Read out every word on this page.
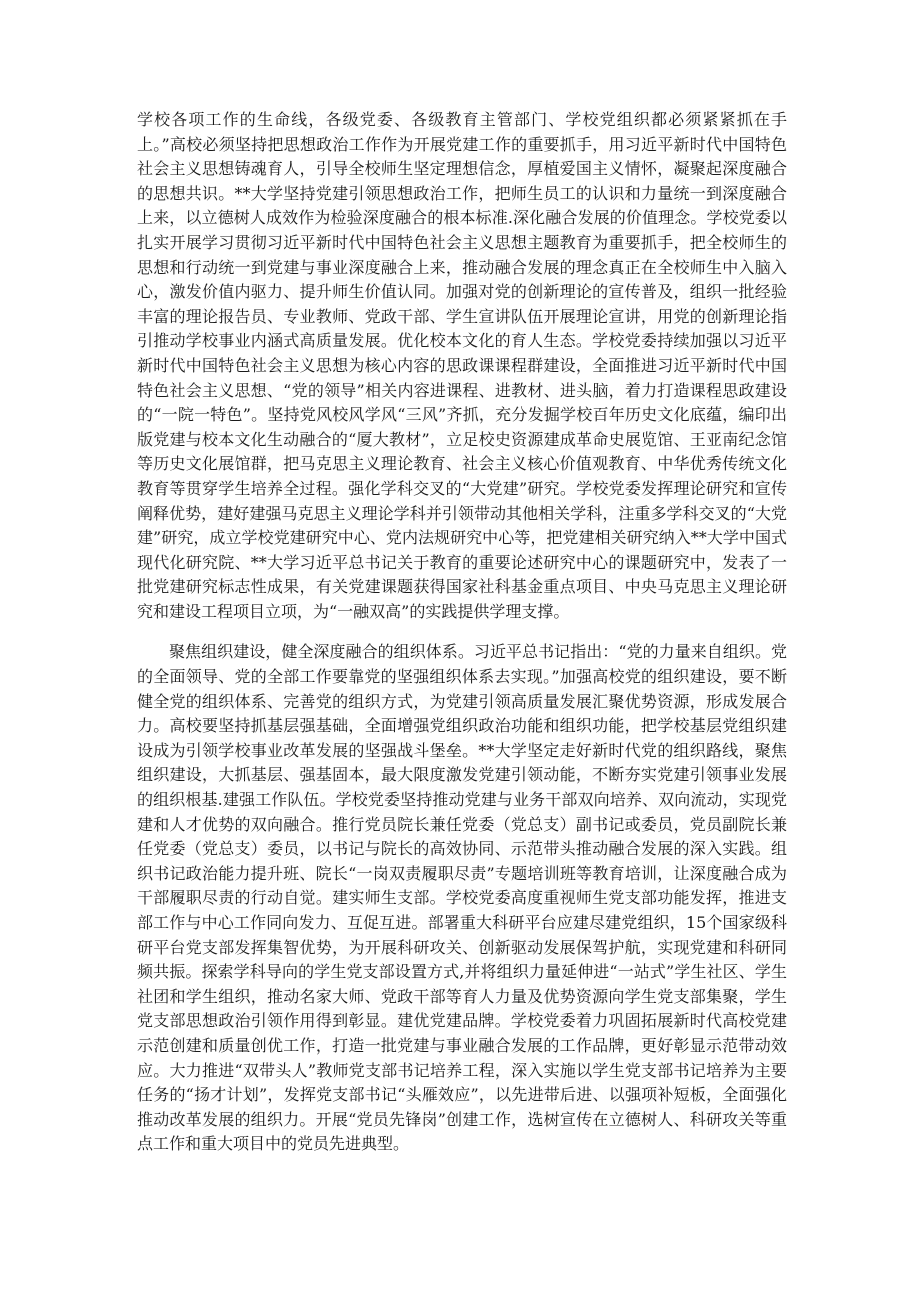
学校各项工作的生命线，各级党委、各级教育主管部门、学校党组织都必须紧紧抓在手上。”高校必须坚持把思想政治工作作为开展党建工作的重要抓手，用习近平新时代中国特色社会主义思想铸魂育人，引导全校师生坚定理想信念，厚植爱国主义情怀，凝聚起深度融合的思想共识。**大学坚持党建引领思想政治工作，把师生员工的认识和力量统一到深度融合上来，以立德树人成效作为检验深度融合的根本标准.深化融合发展的价值理念。学校党委以扎实开展学习贯彻习近平新时代中国特色社会主义思想主题教育为重要抓手，把全校师生的思想和行动统一到党建与事业深度融合上来，推动融合发展的理念真正在全校师生中入脑入心，激发价值内驱力、提升师生价值认同。加强对党的创新理论的宣传普及，组织一批经验丰富的理论报告员、专业教师、党政干部、学生宣讲队伍开展理论宣讲，用党的创新理论指引推动学校事业内涵式高质量发展。优化校本文化的育人生态。学校党委持续加强以习近平新时代中国特色社会主义思想为核心内容的思政课课程群建设，全面推进习近平新时代中国特色社会主义思想、“党的领导”相关内容进课程、进教材、进头脑，着力打造课程思政建设的“一院一特色”。坚持党风校风学风“三风”齐抓，充分发掘学校百年历史文化底蕴，编印出版党建与校本文化生动融合的“厦大教材”，立足校史资源建成革命史展览馆、王亚南纪念馆等历史文化展馆群，把马克思主义理论教育、社会主义核心价值观教育、中华优秀传统文化教育等贯穿学生培养全过程。强化学科交叉的“大党建”研究。学校党委发挥理论研究和宣传阐释优势，建好建强马克思主义理论学科并引领带动其他相关学科，注重多学科交叉的“大党建”研究，成立学校党建研究中心、党内法规研究中心等，把党建相关研究纳入**大学中国式现代化研究院、**大学习近平总书记关于教育的重要论述研究中心的课题研究中，发表了一批党建研究标志性成果，有关党建课题获得国家社科基金重点项目、中央马克思主义理论研究和建设工程项目立项，为“一融双高”的实践提供学理支撑。

聚焦组织建设，健全深度融合的组织体系。习近平总书记指出：“党的力量来自组织。党的全面领导、党的全部工作要靠党的坚强组织体系去实现。”加强高校党的组织建设，要不断健全党的组织体系、完善党的组织方式，为党建引领高质量发展汇聚优势资源，形成发展合力。高校要坚持抓基层强基础，全面增强党组织政治功能和组织功能，把学校基层党组织建设成为引领学校事业改革发展的坚强战斗堡垒。**大学坚定走好新时代党的组织路线，聚焦组织建设，大抓基层、强基固本，最大限度激发党建引领动能，不断夯实党建引领事业发展的组织根基.建强工作队伍。学校党委坚持推动党建与业务干部双向培养、双向流动，实现党建和人才优势的双向融合。推行党员院长兼任党委（党总支）副书记或委员，党员副院长兼任党委（党总支）委员，以书记与院长的高效协同、示范带头推动融合发展的深入实践。组织书记政治能力提升班、院长“一岗双责履职尽责”专题培训班等教育培训，让深度融合成为干部履职尽责的行动自觉。建实师生支部。学校党委高度重视师生党支部功能发挥，推进支部工作与中心工作同向发力、互促互进。部署重大科研平台应建尽建党组织，15个国家级科研平台党支部发挥集智优势，为开展科研攻关、创新驱动发展保驾护航，实现党建和科研同频共振。探索学科导向的学生党支部设置方式,并将组织力量延伸进“一站式”学生社区、学生社团和学生组织，推动名家大师、党政干部等育人力量及优势资源向学生党支部集聚，学生党支部思想政治引领作用得到彰显。建优党建品牌。学校党委着力巩固拓展新时代高校党建示范创建和质量创优工作，打造一批党建与事业融合发展的工作品牌，更好彰显示范带动效应。大力推进“双带头人”教师党支部书记培养工程，深入实施以学生党支部书记培养为主要任务的“扬才计划”，发挥党支部书记“头雁效应”，以先进带后进、以强项补短板，全面强化推动改革发展的组织力。开展“党员先锋岗”创建工作，选树宣传在立德树人、科研攻关等重点工作和重大项目中的党员先进典型。
